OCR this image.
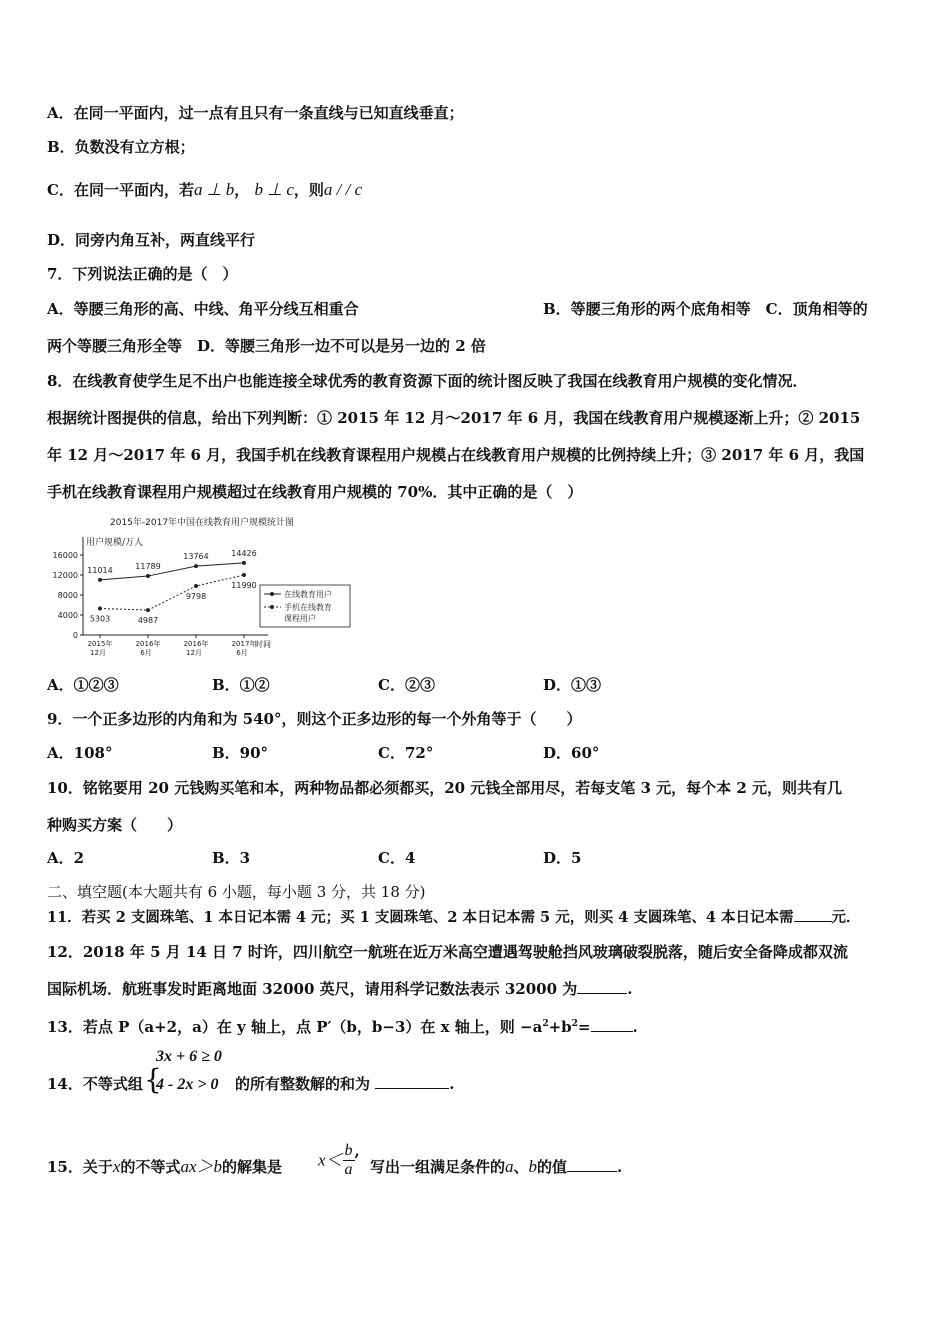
A．在同一平面内，过一点有且只有一条直线与已知直线垂直；
B．负数没有立方根；
C．在同一平面内，若a ⊥ b， b ⊥ c，则a / / c
D．同旁内角互补，两直线平行
7．下列说法正确的是（　）
A．等腰三角形的高、中线、角平分线互相重合	B．等腰三角形的两个底角相等　C．顶角相等的
两个等腰三角形全等　D．等腰三角形一边不可以是另一边的 2 倍
8．在线教育使学生足不出户也能连接全球优秀的教育资源下面的统计图反映了我国在线教育用户规模的变化情况．
根据统计图提供的信息，给出下列判断：① 2015 年 12 月～2017 年 6 月，我国在线教育用户规模逐渐上升；② 2015
年 12 月～2017 年 6 月，我国手机在线教育课程用户规模占在线教育用户规模的比例持续上升；③ 2017 年 6 月，我国
手机在线教育课程用户规模超过在线教育用户规模的 70%．其中正确的是（　）
2015年-2017年中国在线教育用户规模统计图
用户规模/万人
时间
16000
12000
8000
4000
0
2015年
12月
2016年
6月
2016年
12月
2017年
6月
11014	11789
13764	14426
5303	4987
9798
11990
在线教育用户
手机在线教育
课程用户
A．①②③	B．①②	C．②③	D．①③
9．一个正多边形的内角和为 540°，则这个正多边形的每一个外角等于（　　）
A．108°	B．90°	C．72°	D．60°
10．铭铭要用 20 元钱购买笔和本，两种物品都必须都买，20 元钱全部用尽，若每支笔 3 元，每个本 2 元，则共有几
种购买方案（　　）
A．2	B．3	C．4	D．5
二、填空题(本大题共有 6 小题，每小题 3 分，共 18 分)
11．若买 2 支圆珠笔、1 本日记本需 4 元；买 1 支圆珠笔、2 本日记本需 5 元，则买 4 支圆珠笔、4 本日记本需	元．
12．2018 年 5 月 14 日 7 时许，四川航空一航班在近万米高空遭遇驾驶舱挡风玻璃破裂脱落，随后安全备降成都双流
国际机场．航班事发时距离地面 32000 英尺，请用科学记数法表示 32000 为	.
13．若点 P（a+2，a）在 y 轴上，点 P′（b，b−3）在 x 轴上，则 $-a^2+b^2=$	.
14．不等式组 {
3x + 6 ≥ 0
4 - 2x > 0 的所有整数解的和为	.
15．关于x的不等式ax＞b的解集是 $x< \frac{b}{a}$ ,
写出一组满足条件的a、b的值	.
